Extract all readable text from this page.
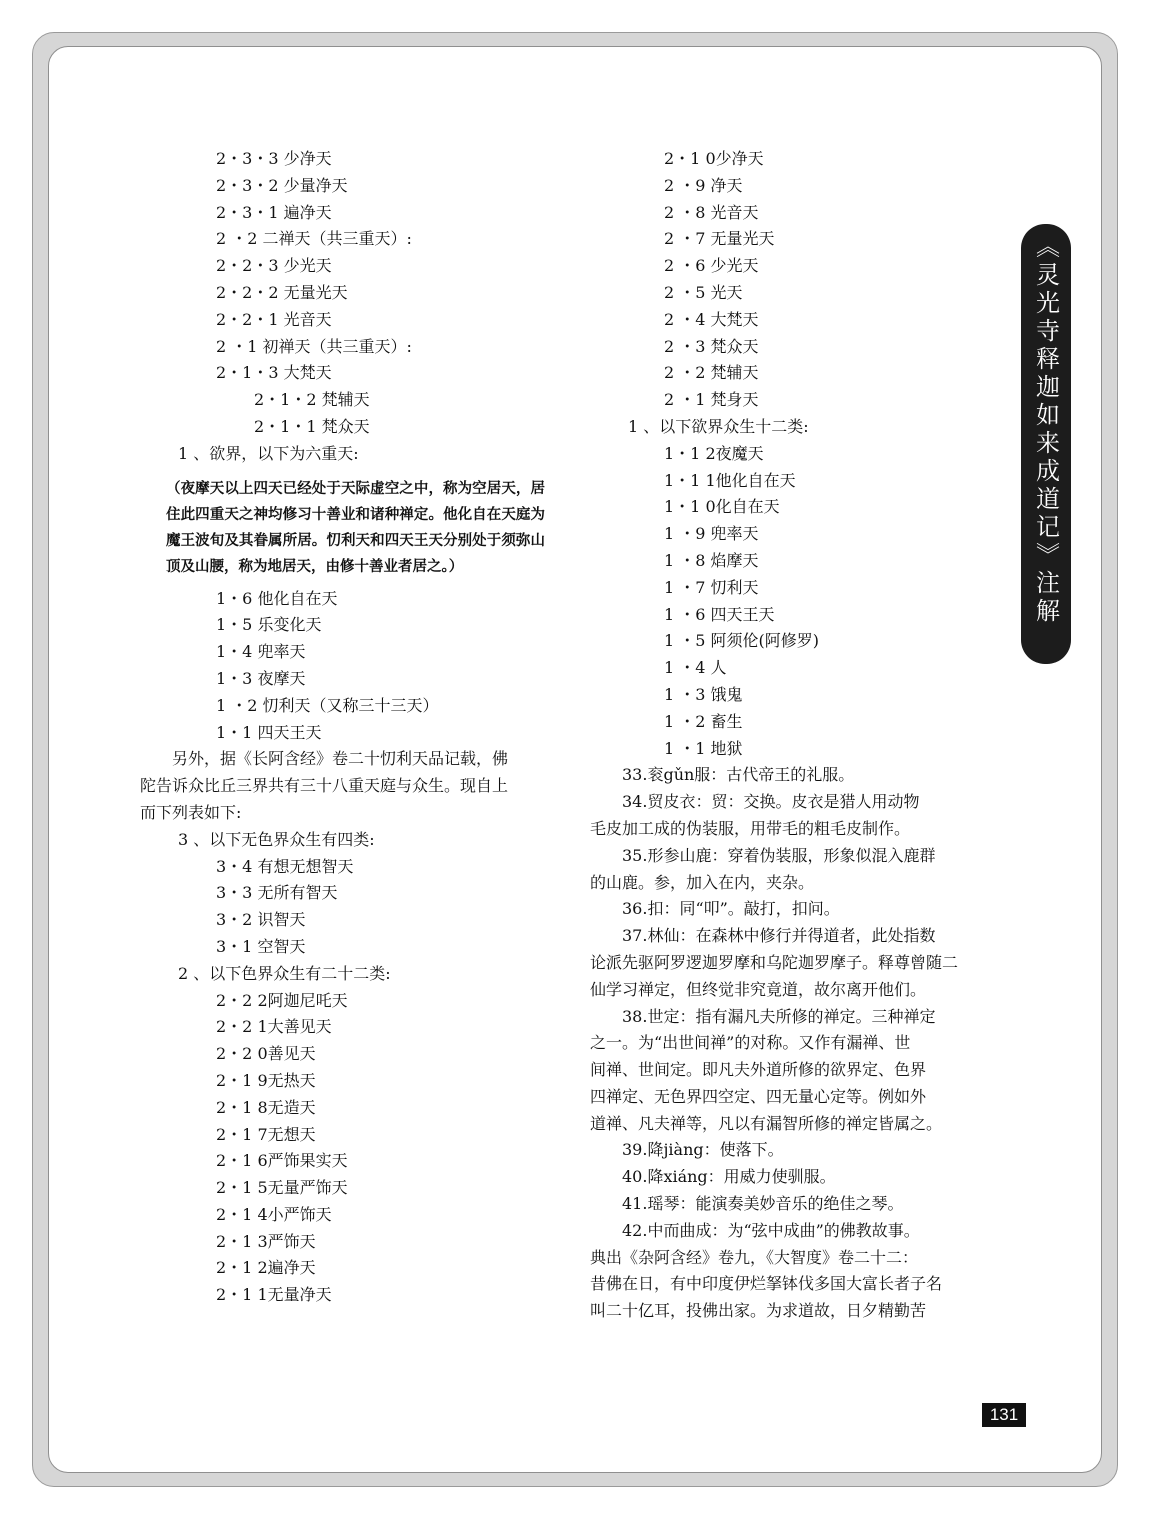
2・3・3 少净天
2・3・2 少量净天
2・3・1 遍净天
2 ・2 二禅天（共三重天）:
2・2・3 少光天
2・2・2 无量光天
2・2・1 光音天
2 ・1 初禅天（共三重天）:
2・1・3 大梵天
2・1・2 梵辅天
2・1・1 梵众天
1 、欲界，以下为六重天:
（夜摩天以上四天已经处于天际虚空之中，称为空居天，居住此四重天之神均修习十善业和诸种禅定。他化自在天庭为魔王波旬及其眷属所居。忉利天和四天王天分别处于须弥山顶及山腰，称为地居天，由修十善业者居之。）
1・6 他化自在天
1・5 乐变化天
1・4 兜率天
1・3 夜摩天
1 ・2 忉利天（又称三十三天）
1・1 四天王天
另外，据《长阿含经》卷二十忉利天品记载，佛
陀告诉众比丘三界共有三十八重天庭与众生。现自上
而下列表如下:
3 、以下无色界众生有四类:
3・4 有想无想智天
3・3 无所有智天
3・2 识智天
3・1 空智天
2 、以下色界众生有二十二类:
2・2 2阿迦尼吒天
2・2 1大善见天
2・2 0善见天
2・1 9无热天
2・1 8无造天
2・1 7无想天
2・1 6严饰果实天
2・1 5无量严饰天
2・1 4小严饰天
2・1 3严饰天
2・1 2遍净天
2・1 1无量净天
2・1 0少净天
2 ・9 净天
2 ・8 光音天
2 ・7 无量光天
2 ・6 少光天
2 ・5 光天
2 ・4 大梵天
2 ・3 梵众天
2 ・2 梵辅天
2 ・1 梵身天
1 、以下欲界众生十二类:
1・1 2夜魔天
1・1 1他化自在天
1・1 0化自在天
1 ・9 兜率天
1 ・8 焰摩天
1 ・7 忉利天
1 ・6 四天王天
1 ・5 阿须伦(阿修罗)
1 ・4 人
1 ・3 饿鬼
1 ・2 畜生
1 ・1 地狱
33.衮gǔn服：古代帝王的礼服。
34.贸皮衣：贸：交换。皮衣是猎人用动物
毛皮加工成的伪装服，用带毛的粗毛皮制作。
35.形参山鹿：穿着伪装服，形象似混入鹿群
的山鹿。参，加入在内，夹杂。
36.扣：同“叩”。敲打，扣问。
37.林仙：在森林中修行并得道者，此处指数
论派先驱阿罗逻迦罗摩和乌陀迦罗摩子。释尊曾随二
仙学习禅定，但终觉非究竟道，故尔离开他们。
38.世定：指有漏凡夫所修的禅定。三种禅定
之一。为“出世间禅”的对称。又作有漏禅、世
间禅、世间定。即凡夫外道所修的欲界定、色界
四禅定、无色界四空定、四无量心定等。例如外
道禅、凡夫禅等，凡以有漏智所修的禅定皆属之。
39.降jiàng：使落下。
40.降xiáng：用威力使驯服。
41.瑶琴：能演奏美妙音乐的绝佳之琴。
42.中而曲成：为“弦中成曲”的佛教故事。
典出《杂阿含经》卷九，《大智度》卷二十二：
昔佛在日，有中印度伊烂拏钵伐多国大富长者子名
叫二十亿耳，投佛出家。为求道故，日夕精勤苦
《灵光寺释迦如来成道记》注解
131
